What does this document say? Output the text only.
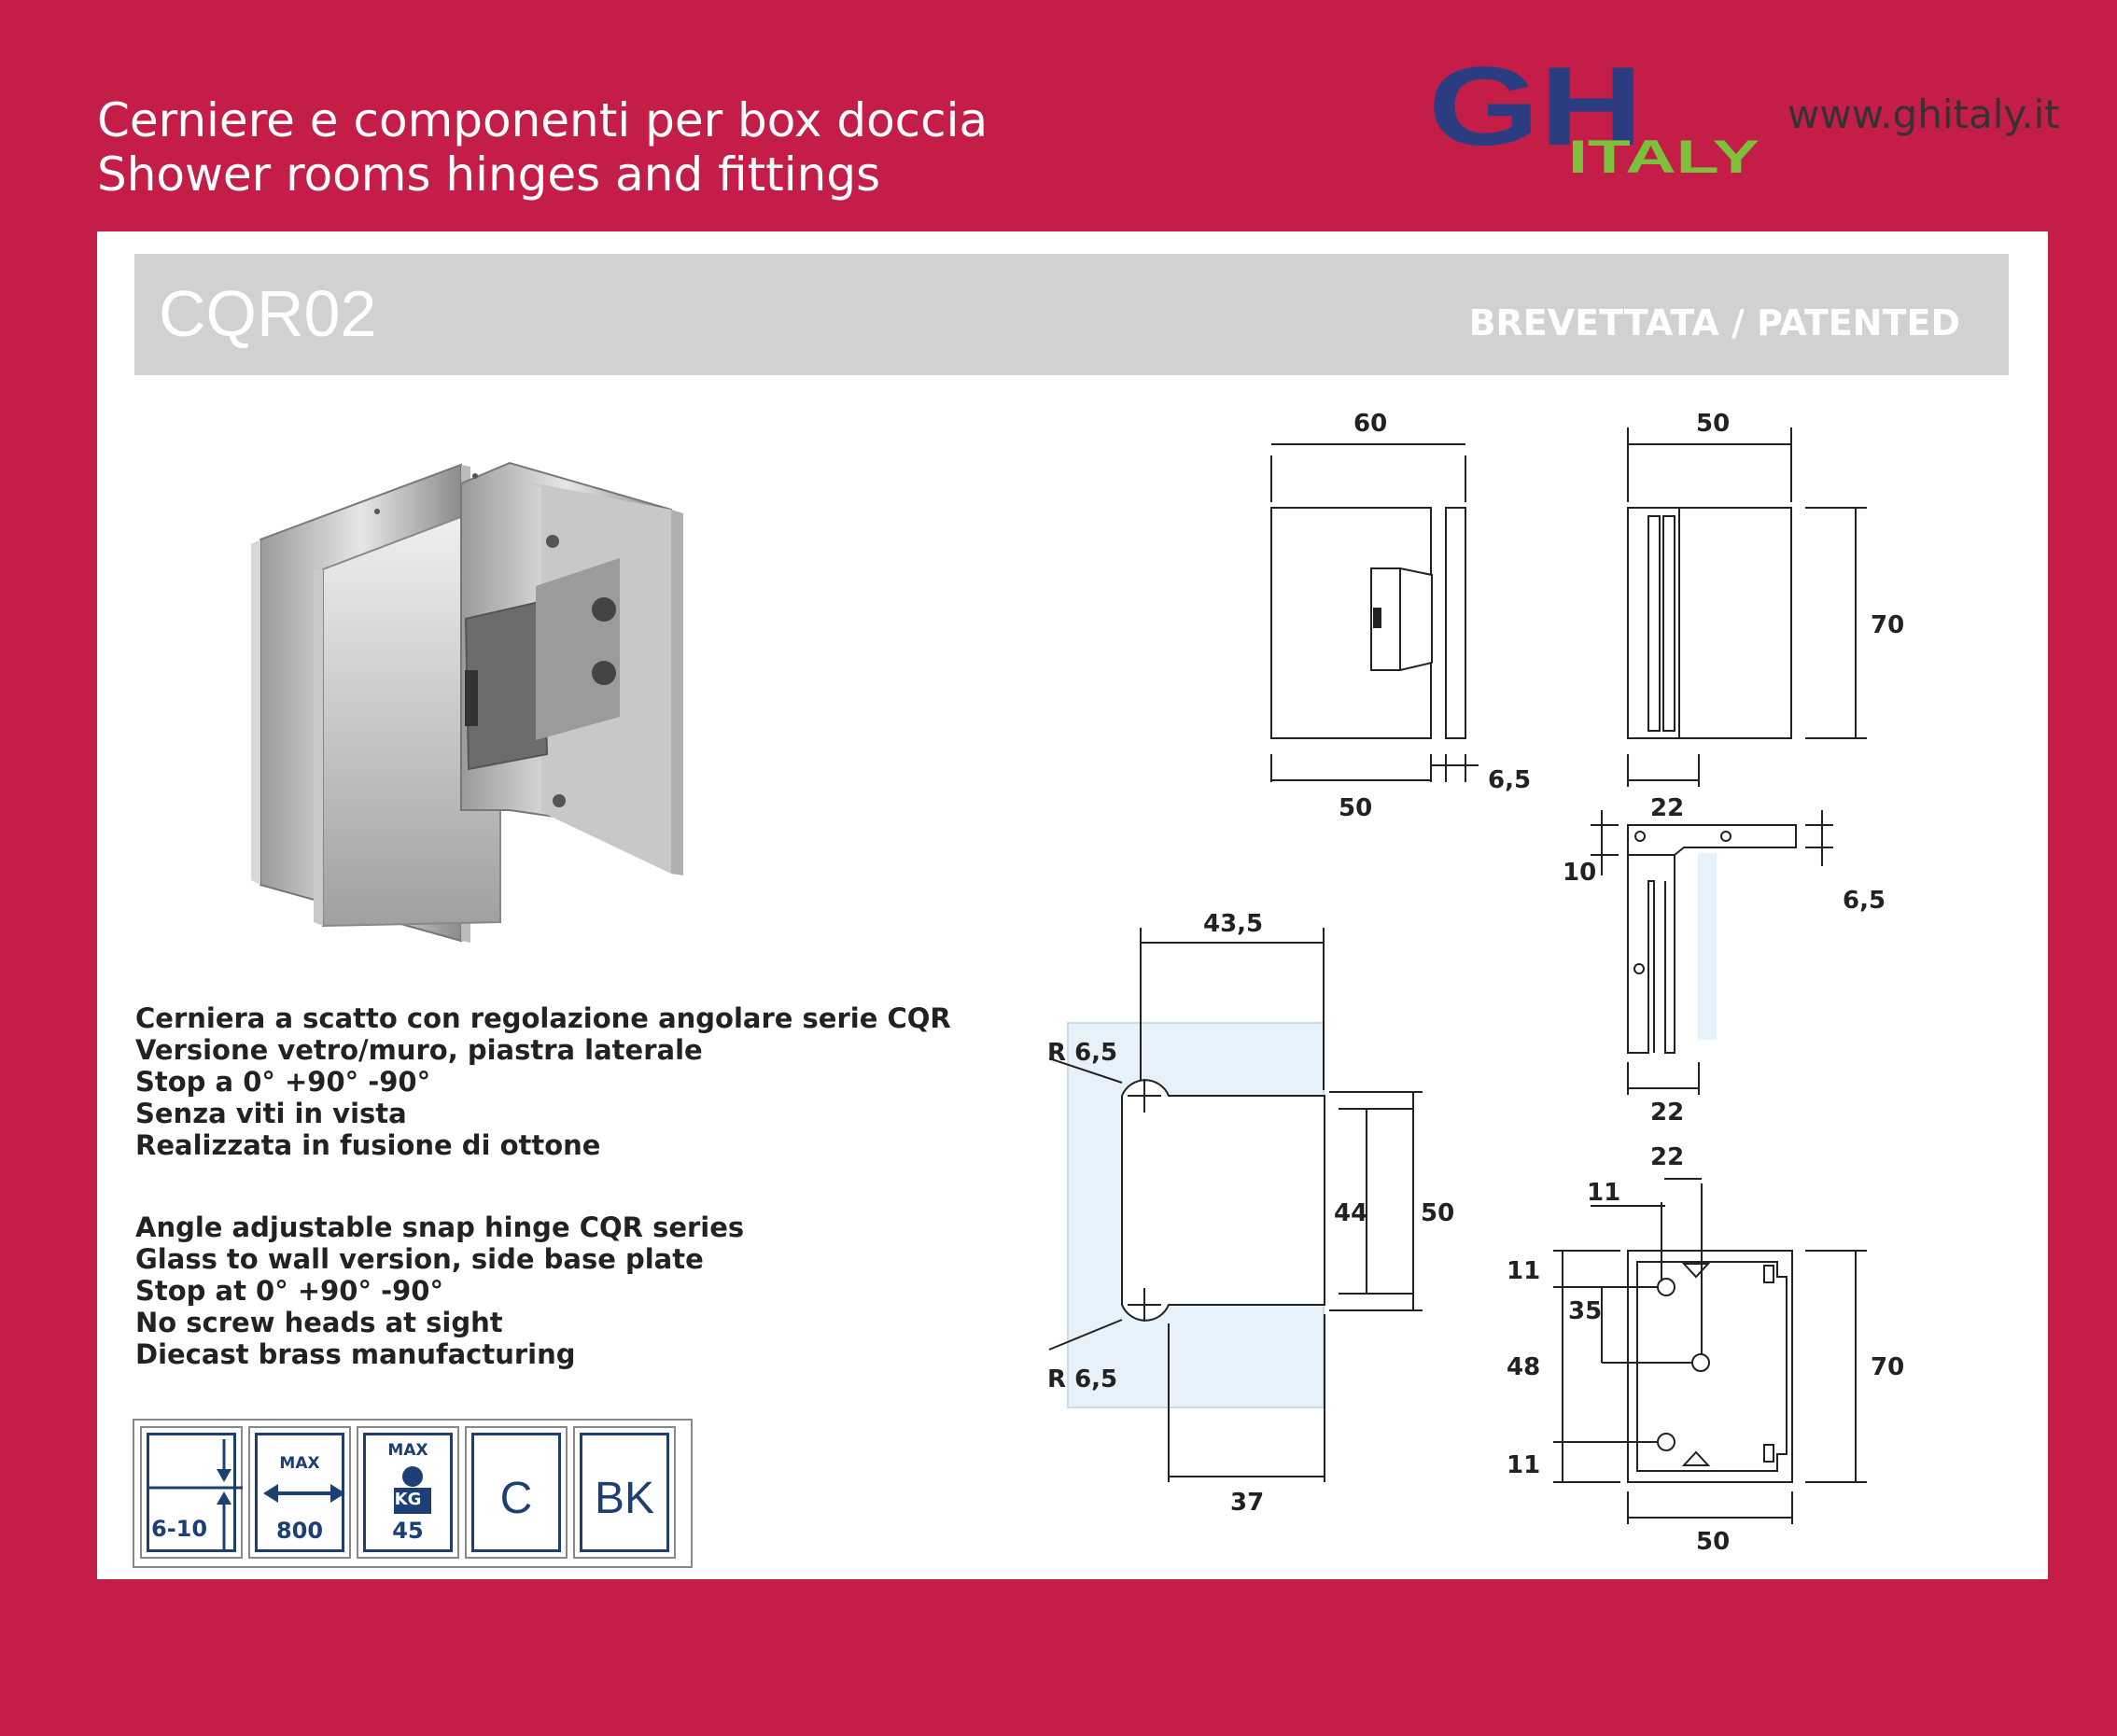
Cerniere e componenti per box doccia
Shower rooms hinges and fittings
GH
ITALY
www.ghitaly.it
CQR02	BREVETTATA / PATENTED
Cerniera a scatto con regolazione angolare serie CQR
Versione vetro/muro, piastra laterale
Stop a 0° +90° -90°
Senza viti in vista
Realizzata in fusione di ottone
Angle adjustable snap hinge CQR series
Glass to wall version, side base plate
Stop at 0° +90° -90°
No screw heads at sight
Diecast brass manufacturing
6-10
MAX
800
MAX
KG
45
C	BK
60
50
6,5
50
70
22
10
6,5
22
43,5
R 6,5
R 6,5
44 50
37
22
11
11
35
48
11
70
50
